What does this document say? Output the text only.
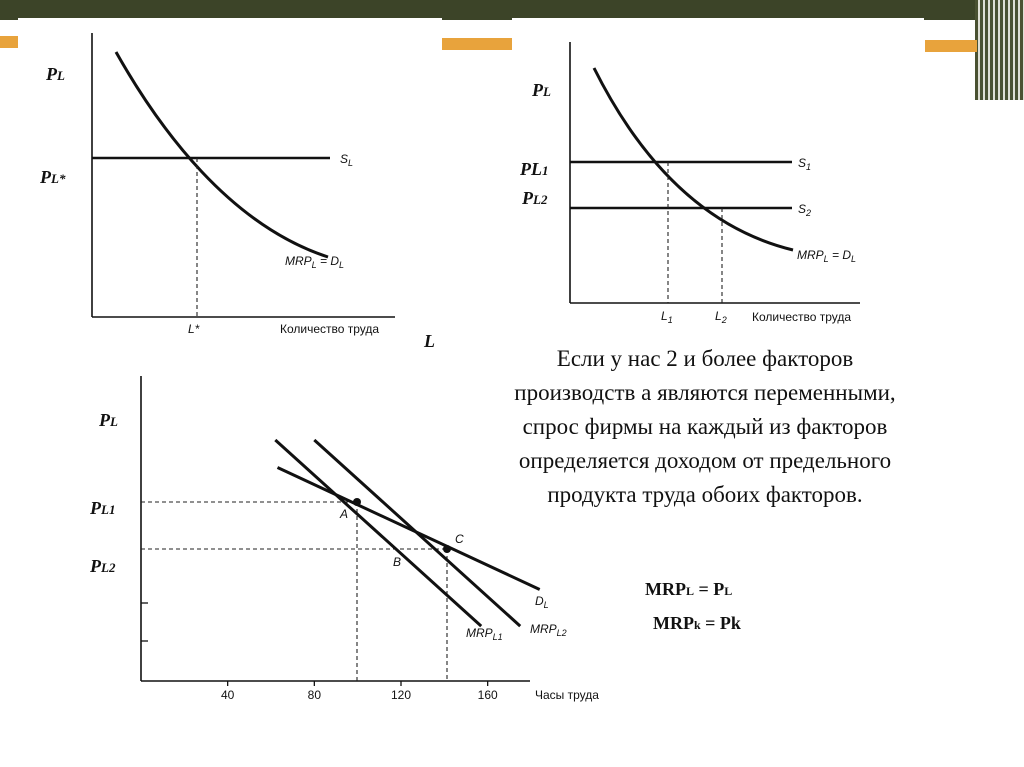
PL
PL*
$S_L$
$MRP_L = D_L$
L*	Количество труда
L
PL
PL1
PL2
$S_1$
$S_2$
$MRP_L = D_L$
$L_1$	$L_2$ Количество труда
A
B
C
$D_L$
$MRP_{L1}$
$MRP_{L2}$
PL
PL1
PL2
40	80	120	160	Часы труда
Если у нас 2 и более факторов
производств а являются переменными,
спрос фирмы на каждый из факторов
определяется доходом от предельного
продукта труда обоих факторов.
MRPL = PL
MRPk = Pk
